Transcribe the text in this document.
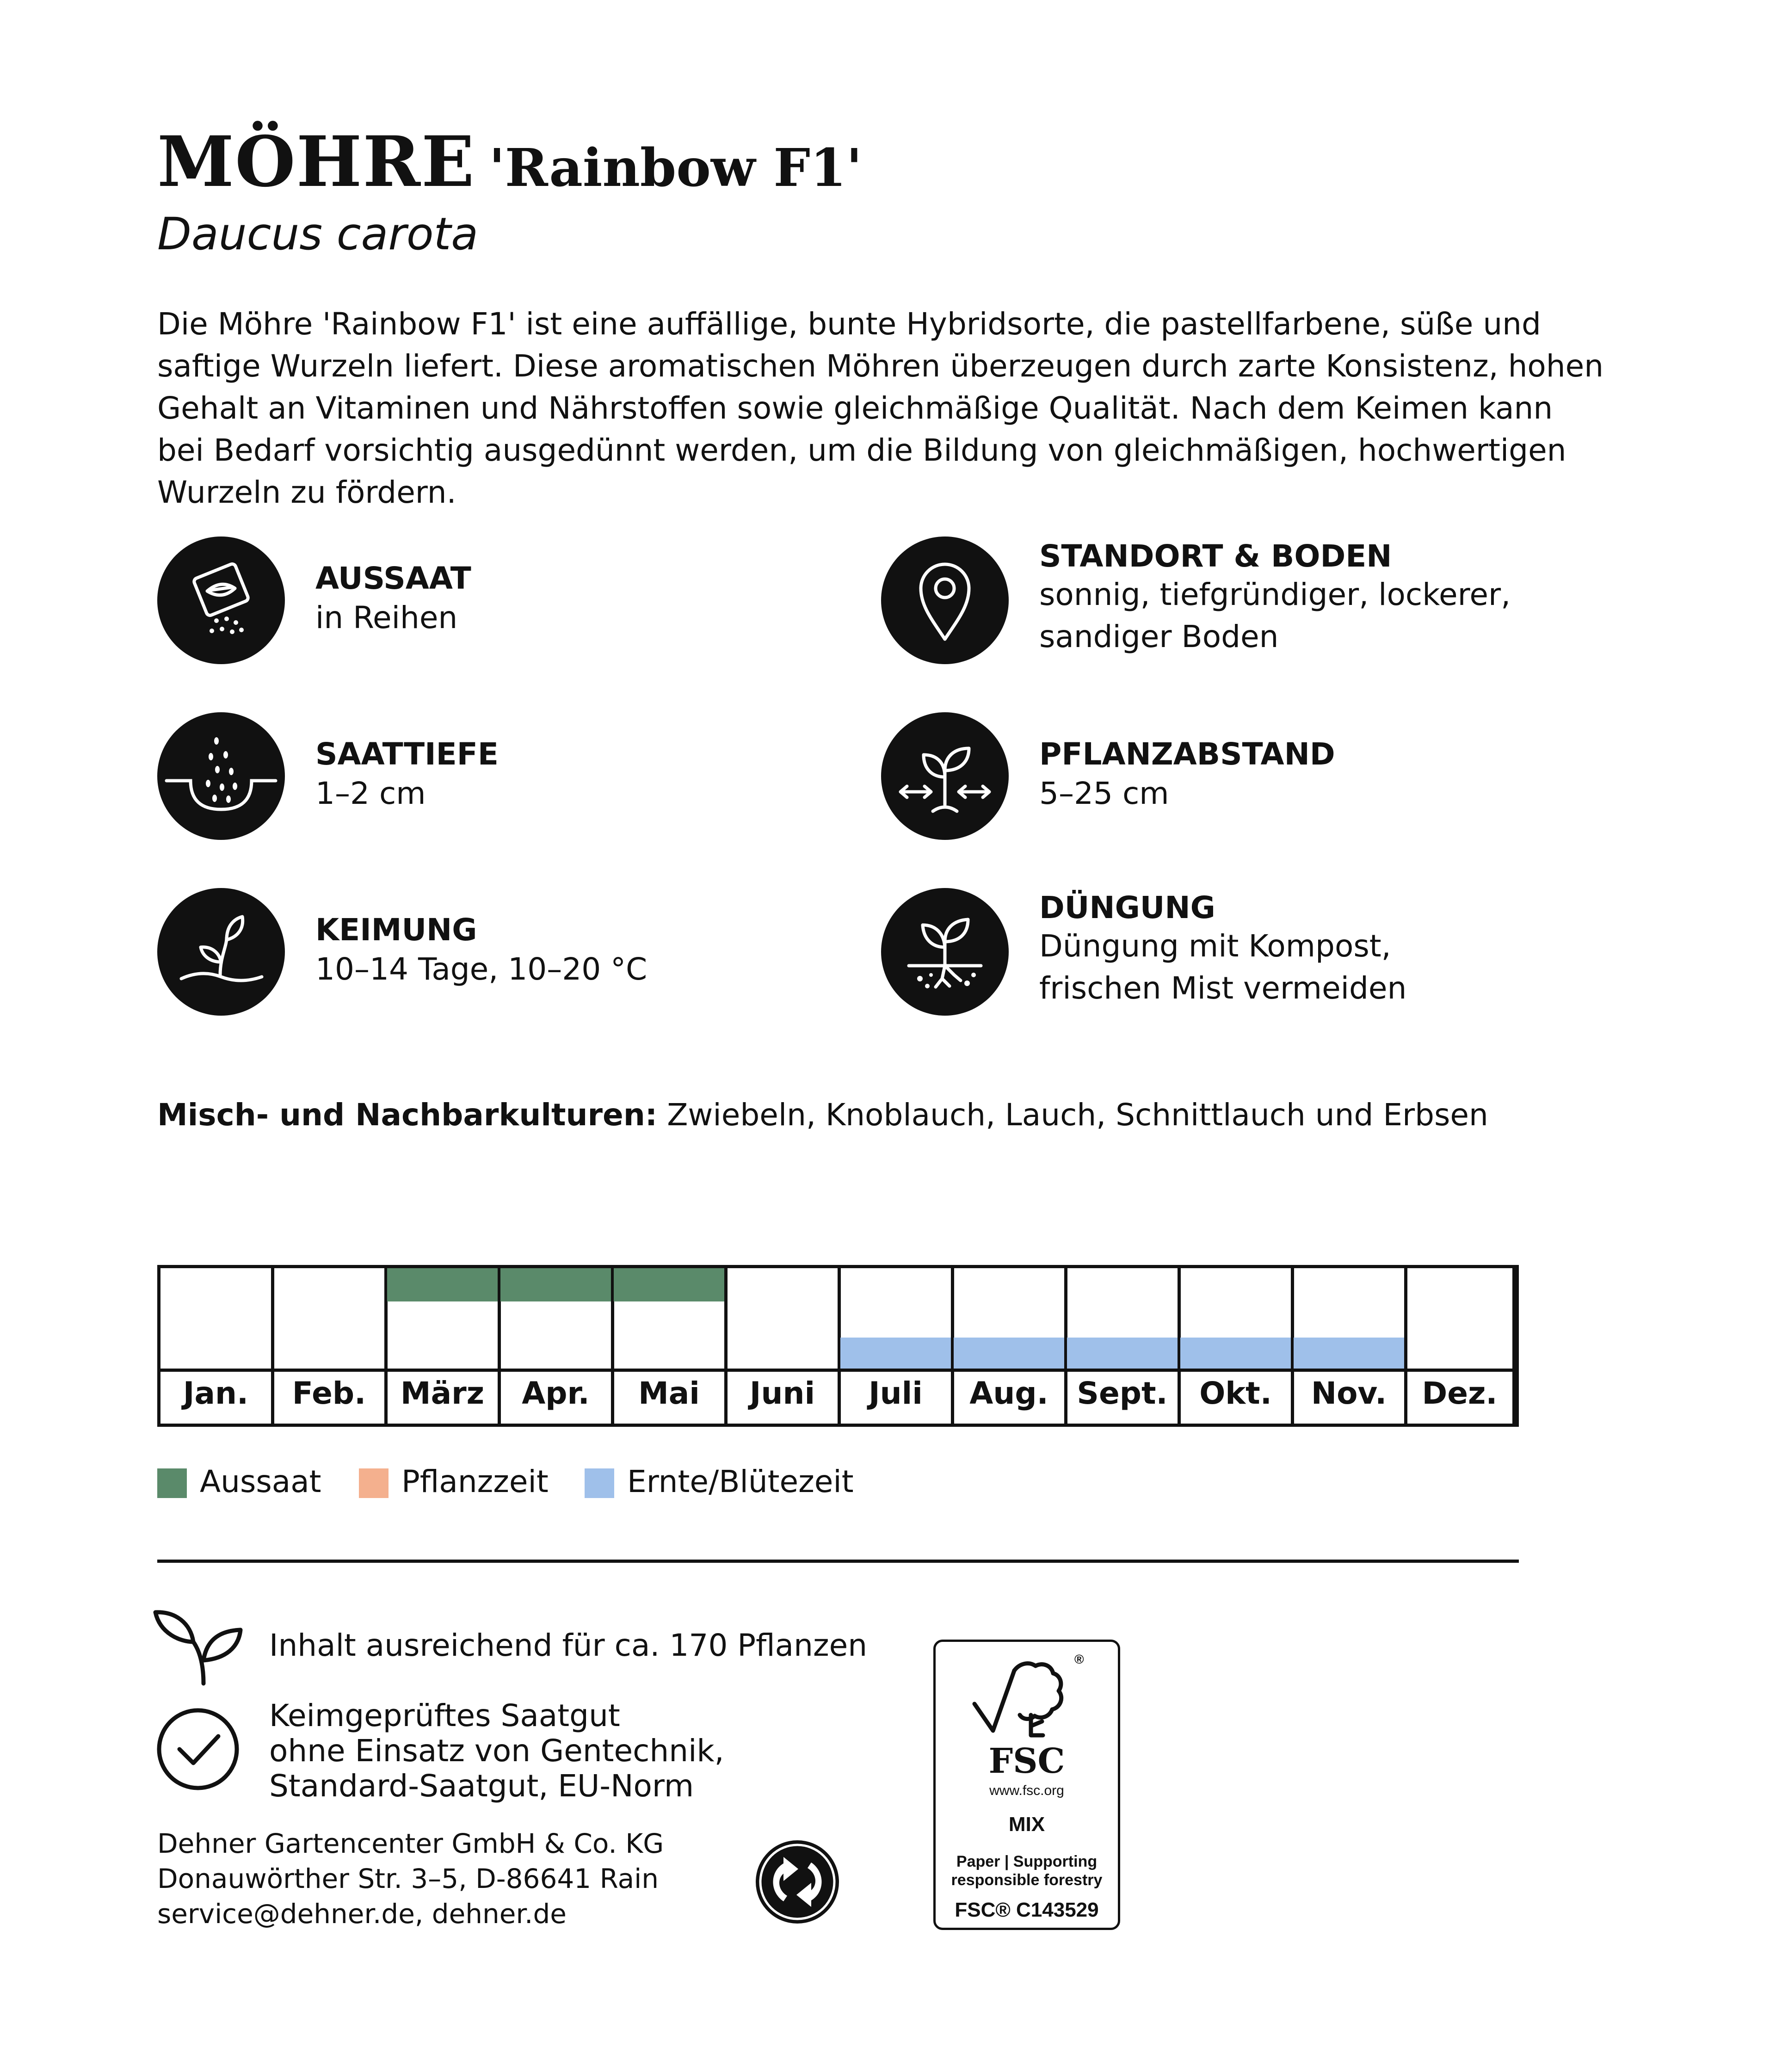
MÖHRE 'Rainbow F1'
Daucus carota
Die Möhre 'Rainbow F1' ist eine auffällige, bunte Hybridsorte, die pastellfarbene, süße und
saftige Wurzeln liefert. Diese aromatischen Möhren überzeugen durch zarte Konsistenz, hohen
Gehalt an Vitaminen und Nährstoffen sowie gleichmäßige Qualität. Nach dem Keimen kann
bei Bedarf vorsichtig ausgedünnt werden, um die Bildung von gleichmäßigen, hochwertigen
Wurzeln zu fördern.
AUSSAAT
in Reihen
STANDORT & BODEN
sonnig, tiefgründiger, lockerer,
sandiger Boden
SAATTIEFE
1–2 cm
PFLANZABSTAND
5–25 cm
KEIMUNG
10–14 Tage, 10–20 °C
DÜNGUNG
Düngung mit Kompost,
frischen Mist vermeiden
Misch- und Nachbarkulturen: Zwiebeln, Knoblauch, Lauch, Schnittlauch und Erbsen
Jan.	Feb.	März	Apr.	Mai	Juni	Juli	Aug. Sept.	Okt.	Nov.	Dez.
Aussaat	Pflanzzeit	Ernte/Blütezeit
Inhalt ausreichend für ca. 170 Pflanzen
Keimgeprüftes Saatgut
ohne Einsatz von Gentechnik,
Standard-Saatgut, EU-Norm
Dehner Gartencenter GmbH & Co. KG
Donauwörther Str. 3–5, D-86641 Rain
service@dehner.de, dehner.de
®
FSC
www.fsc.org
MIX
Paper | Supporting
responsible forestry
FSC® C143529
